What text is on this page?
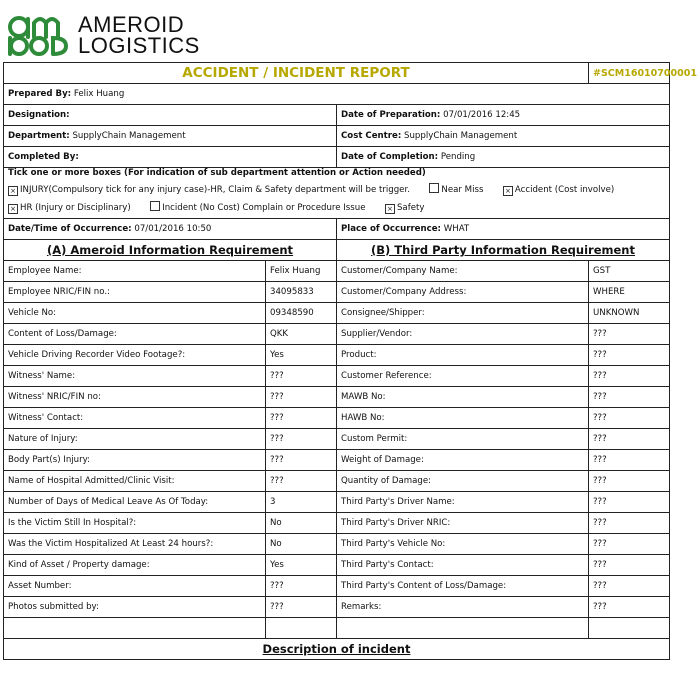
AMEROID
LOGISTICS
ACCIDENT / INCIDENT REPORT			#SCM16010700001
Prepared By: Felix Huang			
Designation:		Date of Preparation: 07/01/2016 12:45	
Department: SupplyChain Management		Cost Centre: SupplyChain Management	
Completed By:		Date of Completion: Pending	

Tick one or more boxes (For indication of sub department attention or Action needed)
× INJURY(Compulsory tick for any injury case)-HR, Claim & Safety department will be trigger. Near Miss × Accident (Cost involve)
× HR (Injury or Disciplinary) Incident (No Cost) Complain or Procedure Issue × Safety			

Date/Time of Occurrence: 07/01/2016 10:50		Place of Occurrence: WHAT	
(A) Ameroid Information Requirement		(B) Third Party Information Requirement	
Employee Name:	Felix Huang	Customer/Company Name:	GST
Employee NRIC/FIN no.:	34095833	Customer/Company Address:	WHERE
Vehicle No:	09348590	Consignee/Shipper:	UNKNOWN
Content of Loss/Damage:	QKK	Supplier/Vendor:	???
Vehicle Driving Recorder Video Footage?:	Yes	Product:	???
Witness' Name:	???	Customer Reference:	???
Witness' NRIC/FIN no:	???	MAWB No:	???
Witness' Contact:	???	HAWB No:	???
Nature of Injury:	???	Custom Permit:	???
Body Part(s) Injury:	???	Weight of Damage:	???
Name of Hospital Admitted/Clinic Visit:	???	Quantity of Damage:	???
Number of Days of Medical Leave As Of Today:	3	Third Party's Driver Name:	???
Is the Victim Still In Hospital?:	No	Third Party's Driver NRIC:	???
Was the Victim Hospitalized At Least 24 hours?:	No	Third Party's Vehicle No:	???
Kind of Asset / Property damage:	Yes	Third Party's Contact:	???
Asset Number:	???	Third Party's Content of Loss/Damage:	???
Photos submitted by:	???	Remarks:	???

Description of incident			
